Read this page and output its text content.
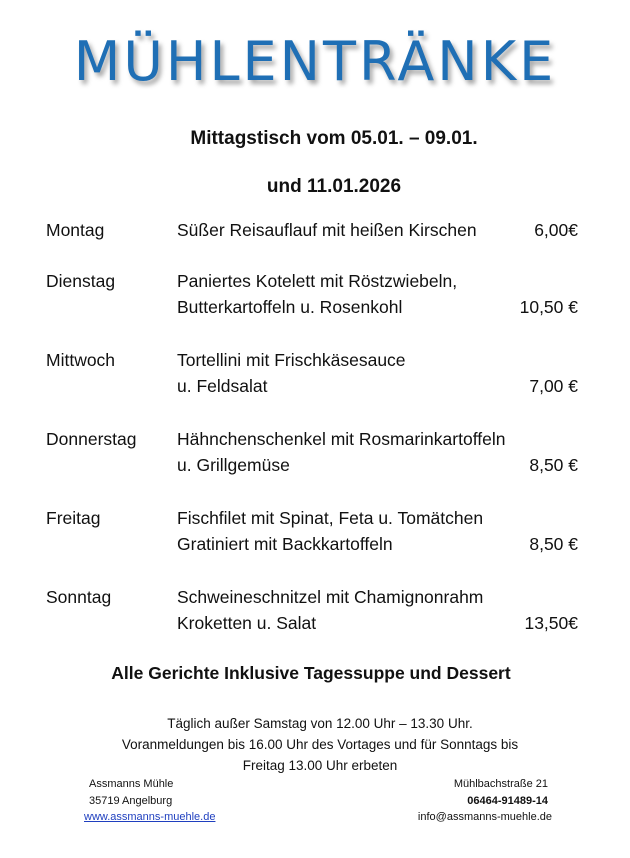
MÜHLENTRÄNKE
Mittagstisch vom 05.01. – 09.01.
und 11.01.2026
Montag	Süßer Reisauflauf mit heißen Kirschen	6,00€
Dienstag	Paniertes Kotelett mit Röstzwiebeln,
Butterkartoffeln u. Rosenkohl	10,50 €
Mittwoch	Tortellini mit Frischkäsesauce
u. Feldsalat	7,00 €
Donnerstag Hähnchenschenkel mit Rosmarinkartoffeln
u. Grillgemüse	8,50 €
Freitag	Fischfilet mit Spinat, Feta u. Tomätchen
Gratiniert mit Backkartoffeln	8,50 €
Sonntag	Schweineschnitzel mit Chamignonrahm
Kroketten u. Salat	13,50€
Alle Gerichte Inklusive Tagessuppe und Dessert
Täglich außer Samstag von 12.00 Uhr – 13.30 Uhr.
Voranmeldungen bis 16.00 Uhr des Vortages und für Sonntags bis
Freitag 13.00 Uhr erbeten
Assmanns Mühle
35719 Angelburg
www.assmanns-muehle.de
Mühlbachstraße 21
06464-91489-14
info@assmanns-muehle.de
